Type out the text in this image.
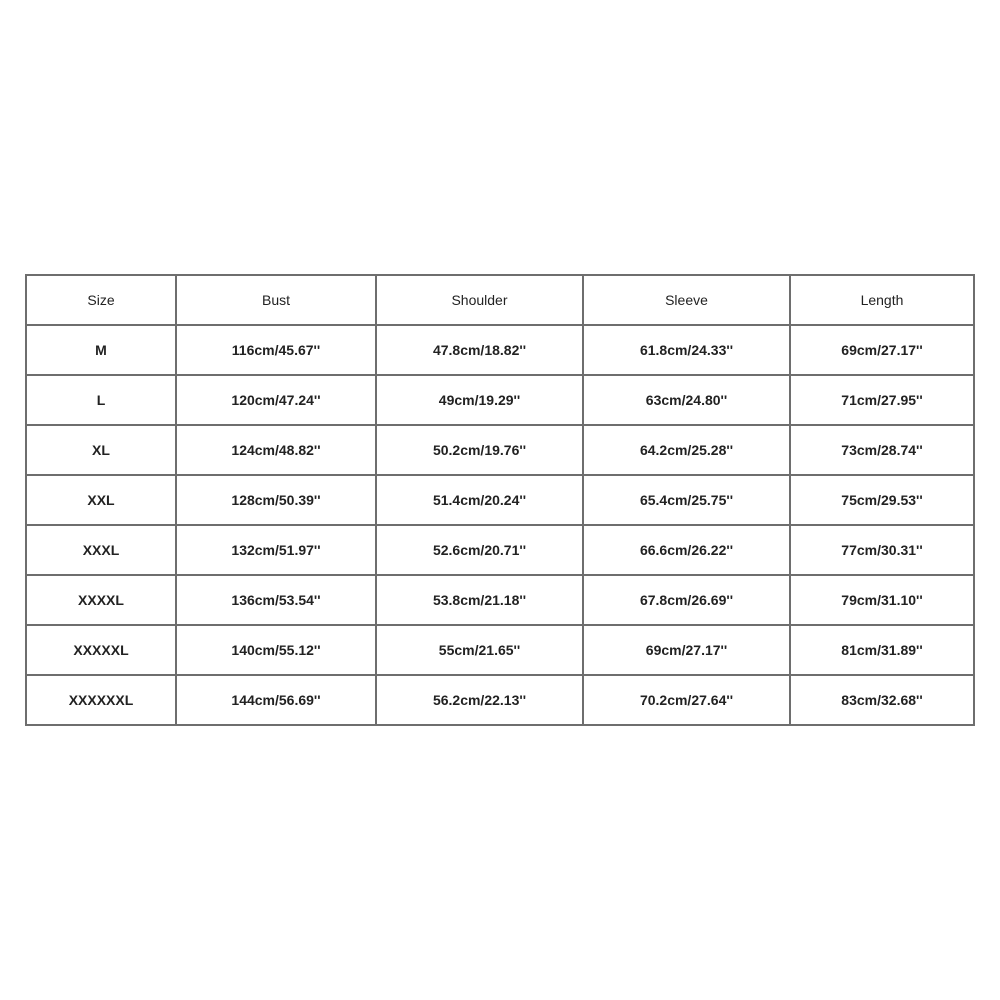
Size	Bust	Shoulder	Sleeve	Length
M	116cm/45.67''	47.8cm/18.82''	61.8cm/24.33''	69cm/27.17''
L	120cm/47.24''	49cm/19.29''	63cm/24.80''	71cm/27.95''
XL	124cm/48.82''	50.2cm/19.76''	64.2cm/25.28''	73cm/28.74''
XXL	128cm/50.39''	51.4cm/20.24''	65.4cm/25.75''	75cm/29.53''
XXXL	132cm/51.97''	52.6cm/20.71''	66.6cm/26.22''	77cm/30.31''
XXXXL	136cm/53.54''	53.8cm/21.18''	67.8cm/26.69''	79cm/31.10''
XXXXXL	140cm/55.12''	55cm/21.65''	69cm/27.17''	81cm/31.89''
XXXXXXL	144cm/56.69''	56.2cm/22.13''	70.2cm/27.64''	83cm/32.68''
